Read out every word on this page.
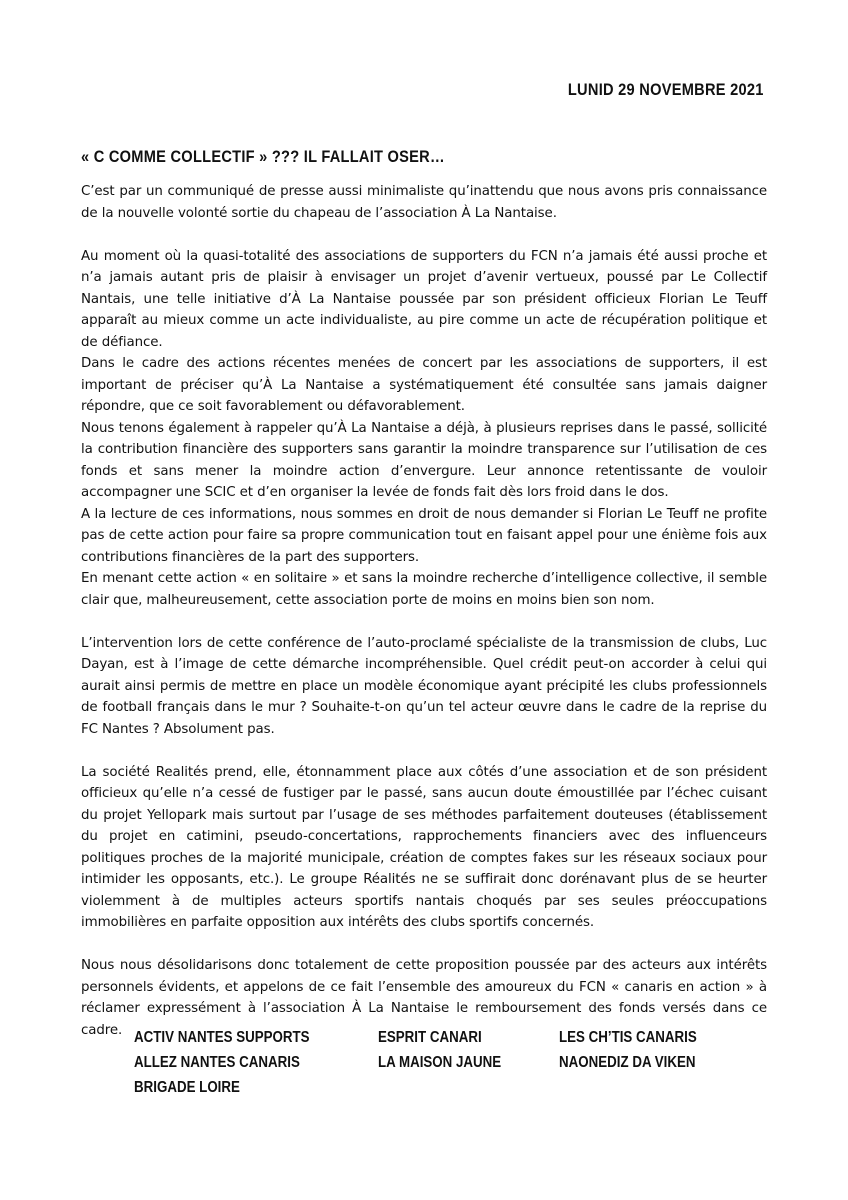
LUNID 29 NOVEMBRE 2021
« C COMME COLLECTIF » ??? IL FALLAIT OSER…

C’est par un communiqué de presse aussi minimaliste qu’inattendu que nous avons pris connaissance de la nouvelle volonté sortie du chapeau de l’association À La Nantaise.

Au moment où la quasi-totalité des associations de supporters du FCN n’a jamais été aussi proche et n’a jamais autant pris de plaisir à envisager un projet d’avenir vertueux, poussé par Le Collectif Nantais, une telle initiative d’À La Nantaise poussée par son président officieux Florian Le Teuff apparaît au mieux comme un acte individualiste, au pire comme un acte de récupération politique et de défiance.

Dans le cadre des actions récentes menées de concert par les associations de supporters, il est important de préciser qu’À La Nantaise a systématiquement été consultée sans jamais daigner répondre, que ce soit favorablement ou défavorablement.

Nous tenons également à rappeler qu’À La Nantaise a déjà, à plusieurs reprises dans le passé, sollicité la contribution financière des supporters sans garantir la moindre transparence sur l’utilisation de ces fonds et sans mener la moindre action d’envergure. Leur annonce retentissante de vouloir accompagner une SCIC et d’en organiser la levée de fonds fait dès lors froid dans le dos.

A la lecture de ces informations, nous sommes en droit de nous demander si Florian Le Teuff ne profite pas de cette action pour faire sa propre communication tout en faisant appel pour une énième fois aux contributions financières de la part des supporters.

En menant cette action « en solitaire » et sans la moindre recherche d’intelligence collective, il semble clair que, malheureusement, cette association porte de moins en moins bien son nom.

L’intervention lors de cette conférence de l’auto-proclamé spécialiste de la transmission de clubs, Luc Dayan, est à l’image de cette démarche incompréhensible. Quel crédit peut-on accorder à celui qui aurait ainsi permis de mettre en place un modèle économique ayant précipité les clubs professionnels de football français dans le mur ? Souhaite-t-on qu’un tel acteur œuvre dans le cadre de la reprise du FC Nantes ? Absolument pas.

La société Realités prend, elle, étonnamment place aux côtés d’une association et de son président officieux qu’elle n’a cessé de fustiger par le passé, sans aucun doute émoustillée par l’échec cuisant du projet Yellopark mais surtout par l’usage de ses méthodes parfaitement douteuses (établissement du projet en catimini, pseudo-concertations, rapprochements financiers avec des influenceurs politiques proches de la majorité municipale, création de comptes fakes sur les réseaux sociaux pour intimider les opposants, etc.). Le groupe Réalités ne se suffirait donc dorénavant plus de se heurter violemment à de multiples acteurs sportifs nantais choqués par ses seules préoccupations immobilières en parfaite opposition aux intérêts des clubs sportifs concernés.

Nous nous désolidarisons donc totalement de cette proposition poussée par des acteurs aux intérêts personnels évidents, et appelons de ce fait l’ensemble des amoureux du FCN « canaris en action » à réclamer expressément à l’association À La Nantaise le remboursement des fonds versés dans ce cadre. ACTIV NANTES SUPPORTS
ALLEZ NANTES CANARIS
BRIGADE LOIRE
ESPRIT CANARI
LA MAISON JAUNE
LES CH’TIS CANARIS
NAONEDIZ DA VIKEN
